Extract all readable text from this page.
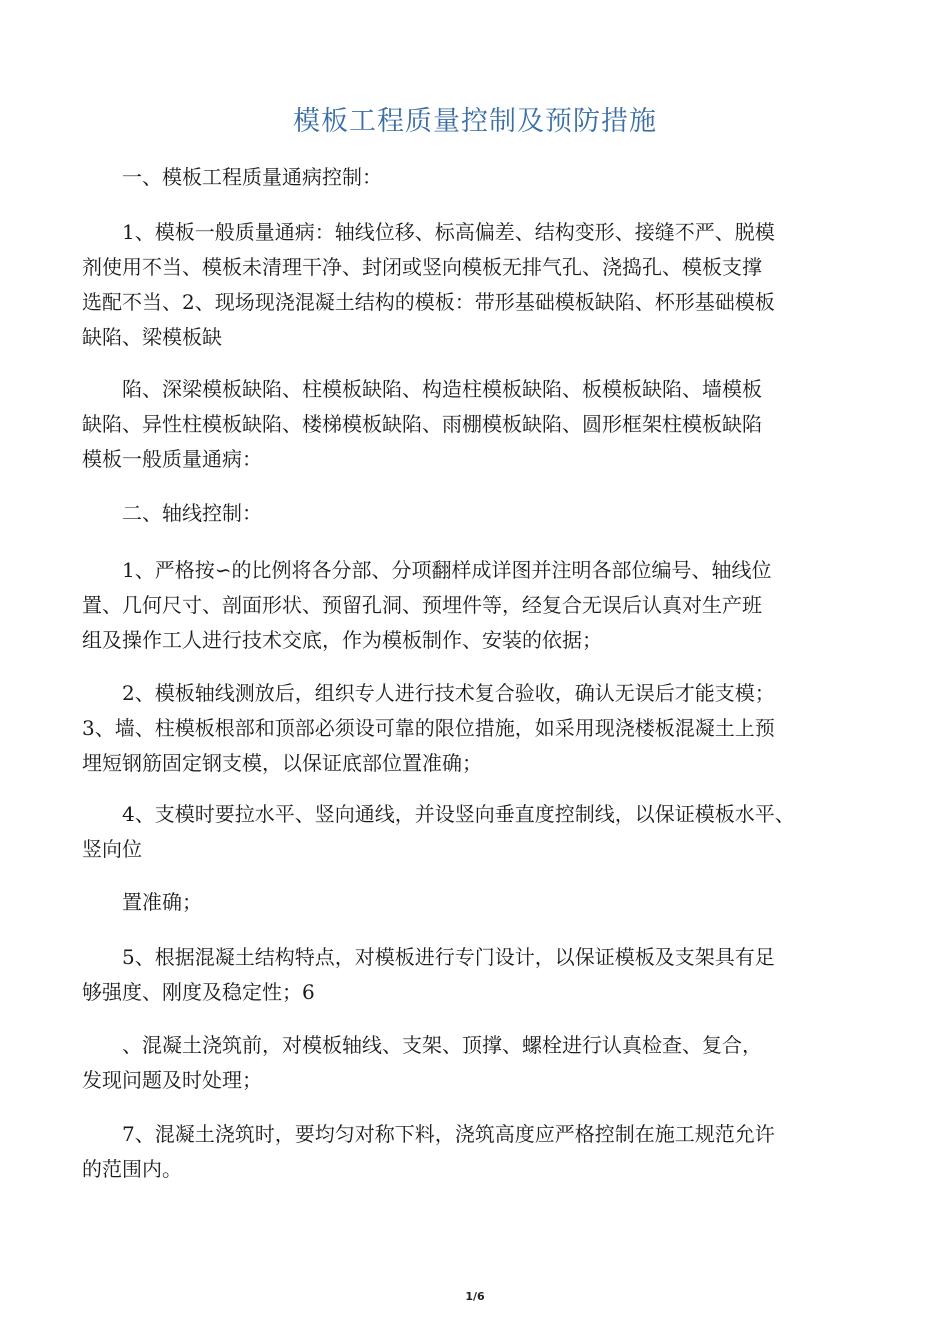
模板工程质量控制及预防措施
　　一、模板工程质量通病控制：
　　1、模板一般质量通病：轴线位移、标高偏差、结构变形、接缝不严、脱模
剂使用不当、模板未清理干净、封闭或竖向模板无排气孔、浇捣孔、模板支撑
选配不当、2、现场现浇混凝土结构的模板：带形基础模板缺陷、杯形基础模板
缺陷、梁模板缺
　　陷、深梁模板缺陷、柱模板缺陷、构造柱模板缺陷、板模板缺陷、墙模板
缺陷、异性柱模板缺陷、楼梯模板缺陷、雨棚模板缺陷、圆形框架柱模板缺陷
模板一般质量通病：
　　二、轴线控制：
　　1、严格按∽的比例将各分部、分项翻样成详图并注明各部位编号、轴线位
置、几何尺寸、剖面形状、预留孔洞、预埋件等，经复合无误后认真对生产班
组及操作工人进行技术交底，作为模板制作、安装的依据；
　　2、模板轴线测放后，组织专人进行技术复合验收，确认无误后才能支模；
3、墙、柱模板根部和顶部必须设可靠的限位措施，如采用现浇楼板混凝土上预
埋短钢筋固定钢支模，以保证底部位置准确；
　　4、支模时要拉水平、竖向通线，并设竖向垂直度控制线，以保证模板水平、
竖向位
　　置准确；
　　5、根据混凝土结构特点，对模板进行专门设计，以保证模板及支架具有足
够强度、刚度及稳定性；6
　　、混凝土浇筑前，对模板轴线、支架、顶撑、螺栓进行认真检查、复合，
发现问题及时处理；
　　7、混凝土浇筑时，要均匀对称下料，浇筑高度应严格控制在施工规范允许
的范围内。
1/6
